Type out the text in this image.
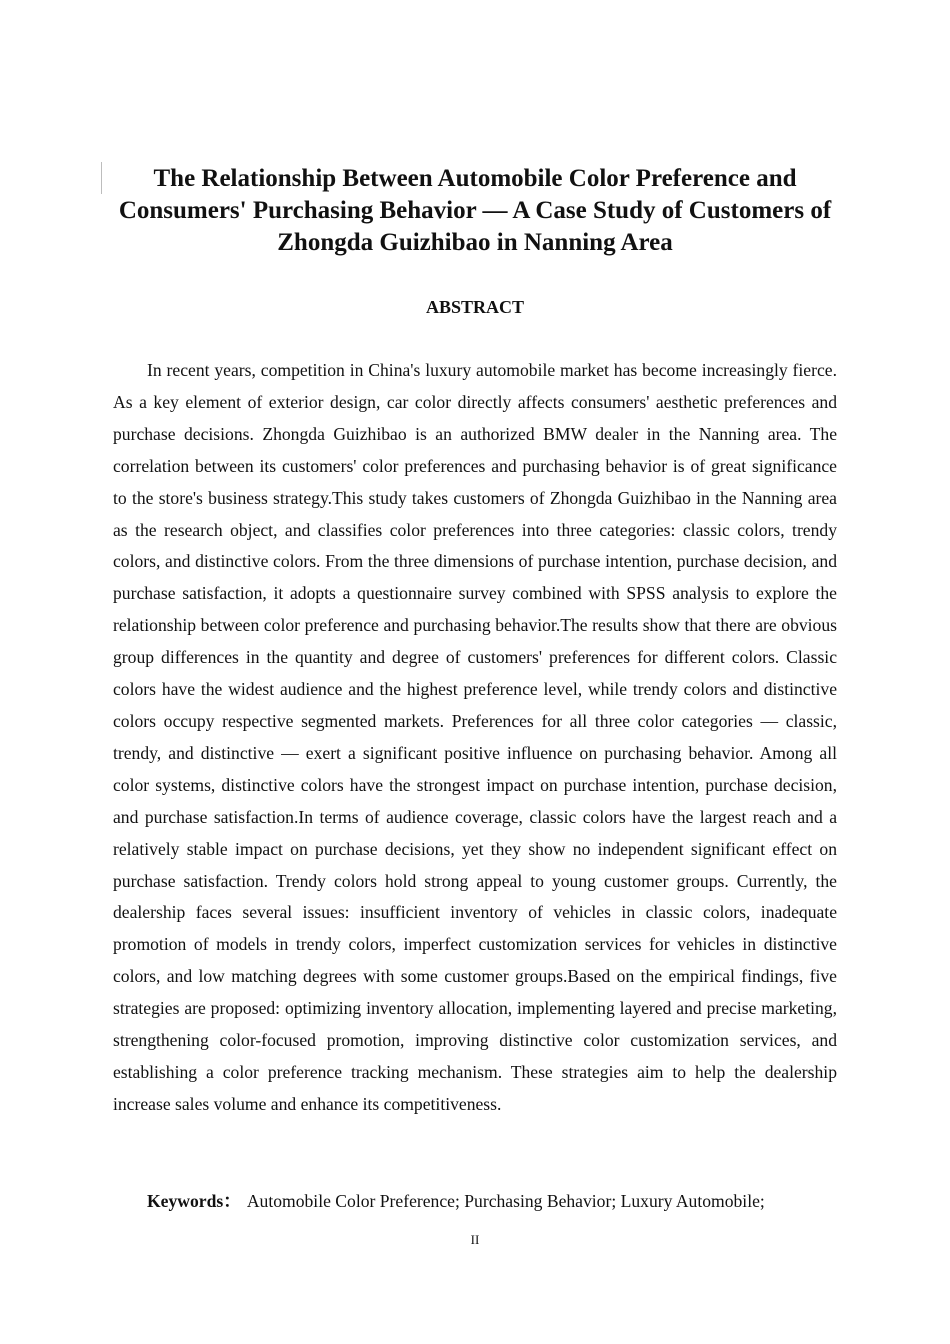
The Relationship Between Automobile Color Preference and Consumers' Purchasing Behavior — A Case Study of Customers of Zhongda Guizhibao in Nanning Area
ABSTRACT

In recent years, competition in China's luxury automobile market has become increasingly fierce. As a key element of exterior design, car color directly affects consumers' aesthetic preferences and purchase decisions. Zhongda Guizhibao is an authorized BMW dealer in the Nanning area. The correlation between its customers' color preferences and purchasing behavior is of great significance to the store's business strategy.This study takes customers of Zhongda Guizhibao in the Nanning area as the research object, and classifies color preferences into three categories: classic colors, trendy colors, and distinctive colors. From the three dimensions of purchase intention, purchase decision, and purchase satisfaction, it adopts a questionnaire survey combined with SPSS analysis to explore the relationship between color preference and purchasing behavior.The results show that there are obvious group differences in the quantity and degree of customers' preferences for different colors. Classic colors have the widest audience and the highest preference level, while trendy colors and distinctive colors occupy respective segmented markets. Preferences for all three color categories — classic, trendy, and distinctive — exert a significant positive influence on purchasing behavior. Among all color systems, distinctive colors have the strongest impact on purchase intention, purchase decision, and purchase satisfaction.In terms of audience coverage, classic colors have the largest reach and a relatively stable impact on purchase decisions, yet they show no independent significant effect on purchase satisfaction. Trendy colors hold strong appeal to young customer groups. Currently, the dealership faces several issues: insufficient inventory of vehicles in classic colors, inadequate promotion of models in trendy colors, imperfect customization services for vehicles in distinctive colors, and low matching degrees with some customer groups.Based on the empirical findings, five strategies are proposed: optimizing inventory allocation, implementing layered and precise marketing, strengthening color-focused promotion, improving distinctive color customization services, and establishing a color preference tracking mechanism. These strategies aim to help the dealership increase sales volume and enhance its competitiveness.

Keywords： Automobile Color Preference; Purchasing Behavior; Luxury Automobile;

II
